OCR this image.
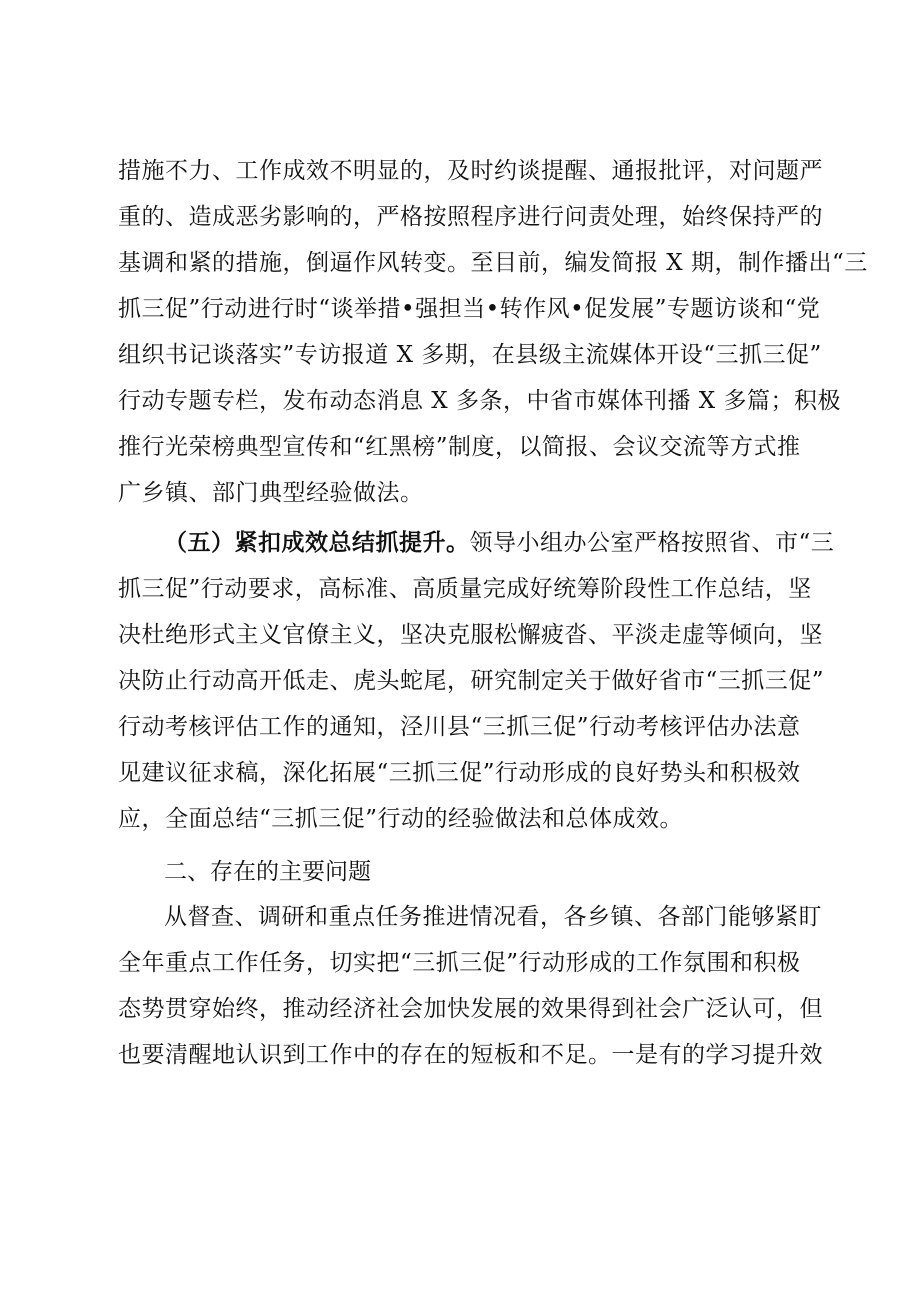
措施不力、工作成效不明显的，及时约谈提醒、通报批评，对问题严
重的、造成恶劣影响的，严格按照程序进行问责处理，始终保持严的
基调和紧的措施，倒逼作风转变。至目前，编发简报 X 期，制作播出“三
抓三促”行动进行时“谈举措•强担当•转作风•促发展”专题访谈和“党
组织书记谈落实”专访报道 X 多期，在县级主流媒体开设“三抓三促”
行动专题专栏，发布动态消息 X 多条，中省市媒体刊播 X 多篇；积极
推行光荣榜典型宣传和“红黑榜”制度，以简报、会议交流等方式推
广乡镇、部门典型经验做法。
（五）紧扣成效总结抓提升。领导小组办公室严格按照省、市“三
抓三促”行动要求，高标准、高质量完成好统筹阶段性工作总结，坚
决杜绝形式主义官僚主义，坚决克服松懈疲沓、平淡走虚等倾向，坚
决防止行动高开低走、虎头蛇尾，研究制定关于做好省市“三抓三促”
行动考核评估工作的通知，泾川县“三抓三促”行动考核评估办法意
见建议征求稿，深化拓展“三抓三促”行动形成的良好势头和积极效
应，全面总结“三抓三促”行动的经验做法和总体成效。
二、存在的主要问题
从督查、调研和重点任务推进情况看，各乡镇、各部门能够紧盯
全年重点工作任务，切实把“三抓三促”行动形成的工作氛围和积极
态势贯穿始终，推动经济社会加快发展的效果得到社会广泛认可，但
也要清醒地认识到工作中的存在的短板和不足。一是有的学习提升效
